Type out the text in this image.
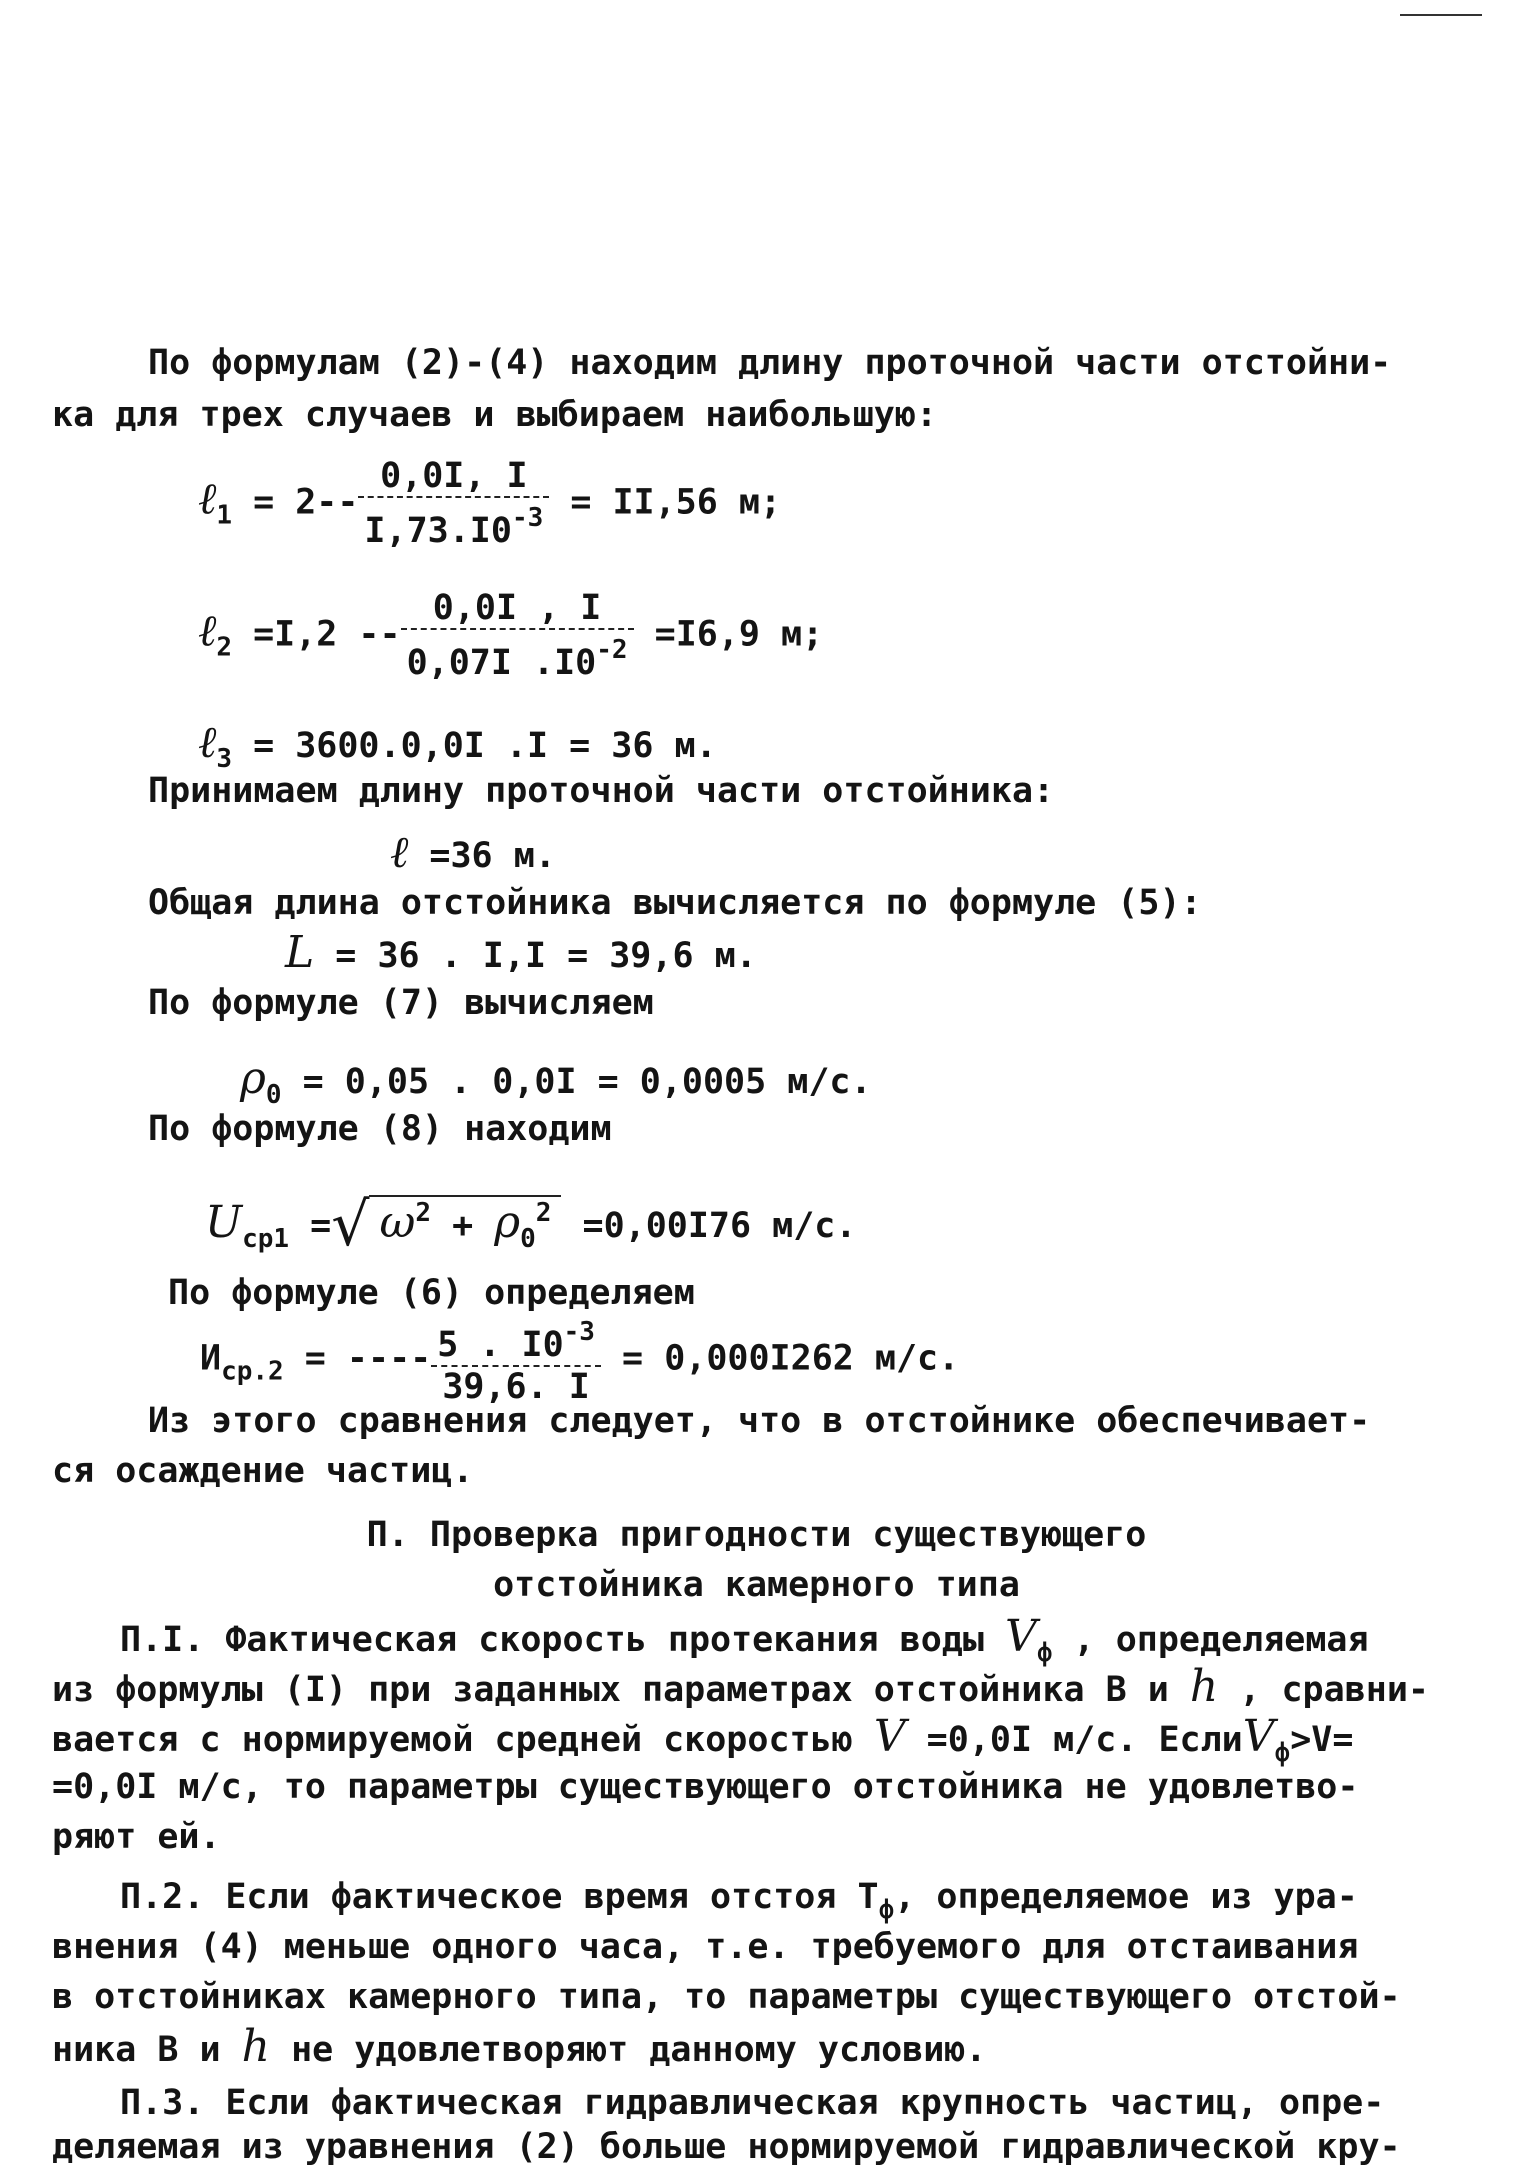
По формулам (2)-(4) находим длину проточной части отстойни-
ка для трех случаев и выбираем наибольшую:
ℓ$_1$ = $2-- \frac{0,0I, I}{I,73.I0^{-3}} = II,56$ м;
ℓ$_2$ $=I,2 -- \frac{0,0I , I}{0,07I .I0^{-2}} =I6,9$ м;
ℓ$_3$ = 3600.0,0I .I = 36 м.
Принимаем длину проточной части отстойника:
ℓ =36 м.
Общая длина отстойника вычисляется по формуле (5):
L = 36 . I,I = 39,6 м.
По формуле (7) вычисляем
$\rho_0 = 0,05$ . 0,0I = 0,0005 м/с.
По формуле (8) находим
$U_{ср1}$ =√ $\omega^2 + \rho_0^2 =0,00I76$ м/с.
По формуле (6) определяем
$И_{ср.2}$ = ---- $\frac{5 . I0^{-3}}{39,6. I} = 0,000I262$ м/с.
Из этого сравнения следует, что в отстойнике обеспечивает-
ся осаждение частиц.
П. Проверка пригодности существующего
отстойника камерного типа
П.I. Фактическая скорость протекания воды $V_ф$ , определяемая
из формулы (I) при заданных параметрах отстойника В и h , сравни-
вается с нормируемой средней скоростью V =0,0I м/с. ЕслиV$_ф$>V=
=0,0I м/с, то параметры существующего отстойника не удовлетво-
ряют ей.
П.2. Если фактическое время отстоя $Т_ф$, определяемое из ура-
внения (4) меньше одного часа, т.е. требуемого для отстаивания
в отстойниках камерного типа, то параметры существующего отстой-
ника В и h не удовлетворяют данному условию.
П.3. Если фактическая гидравлическая крупность частиц, опре-
деляемая из уравнения (2) больше нормируемой гидравлической кру-
